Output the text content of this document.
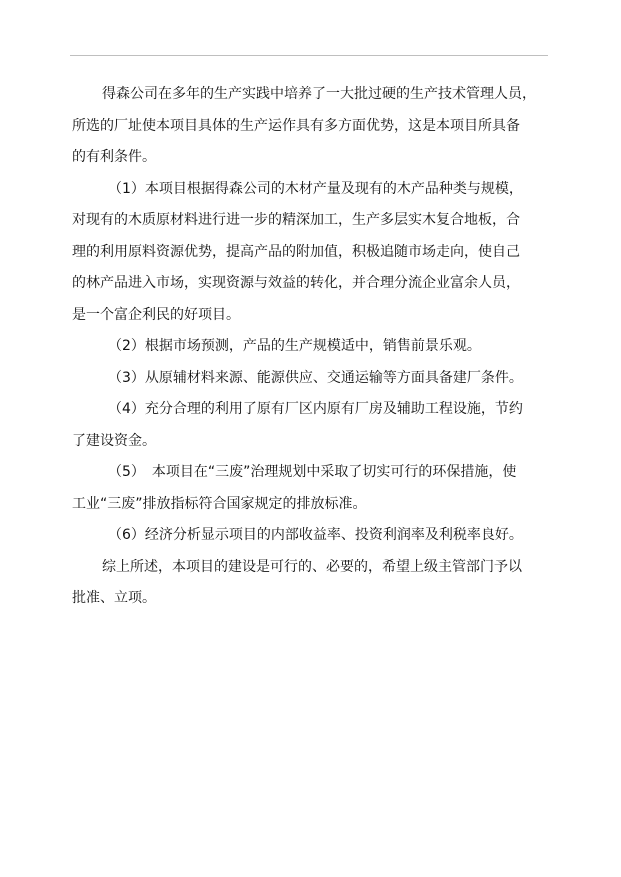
得森公司在多年的生产实践中培养了一大批过硬的生产技术管理人员，
所选的厂址使本项目具体的生产运作具有多方面优势，这是本项目所具备
的有利条件。

（1）本项目根据得森公司的木材产量及现有的木产品种类与规模，
对现有的木质原材料进行进一步的精深加工，生产多层实木复合地板，合
理的利用原料资源优势，提高产品的附加值，积极追随市场走向，使自己
的林产品进入市场，实现资源与效益的转化，并合理分流企业富余人员，
是一个富企利民的好项目。

（2）根据市场预测，产品的生产规模适中，销售前景乐观。

（3）从原辅材料来源、能源供应、交通运输等方面具备建厂条件。

（4）充分合理的利用了原有厂区内原有厂房及辅助工程设施，节约
了建设资金。

（5）　本项目在“三废”治理规划中采取了切实可行的环保措施，使
工业“三废”排放指标符合国家规定的排放标准。

（6）经济分析显示项目的内部收益率、投资利润率及利税率良好。

综上所述，本项目的建设是可行的、必要的，希望上级主管部门予以
批准、立项。
